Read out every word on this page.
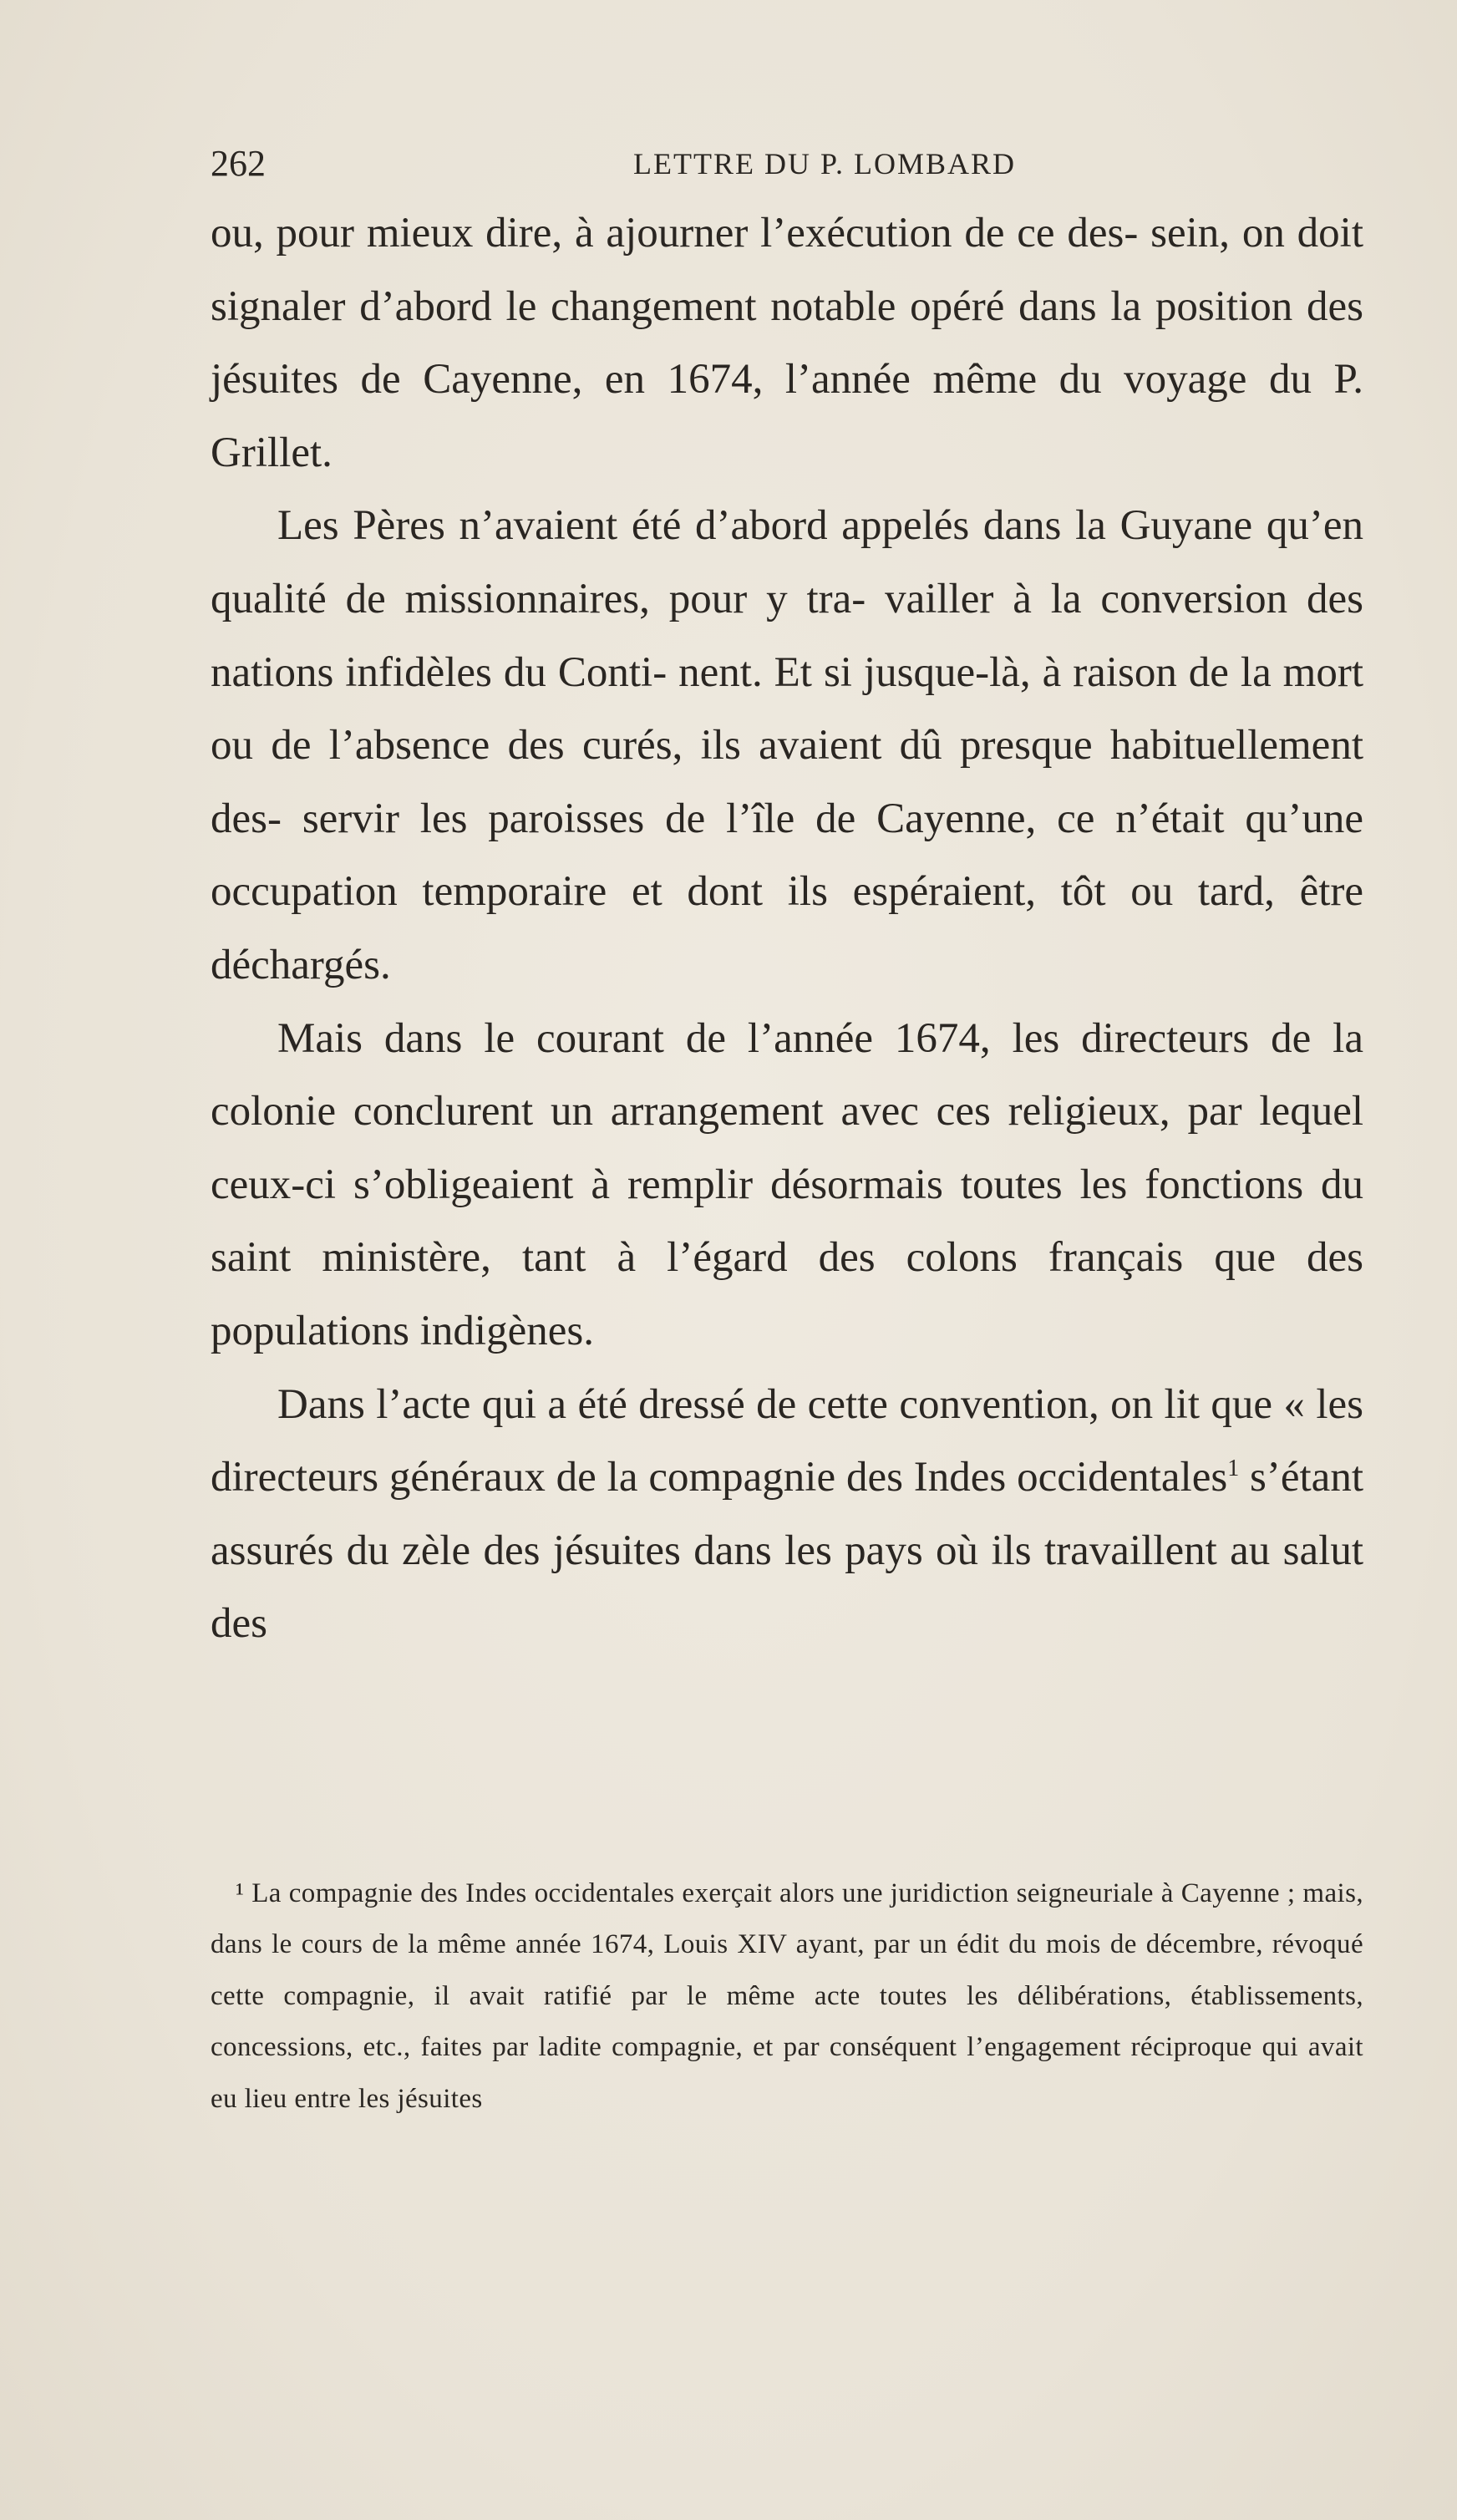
262	LETTRE DU P. LOMBARD

ou, pour mieux dire, à ajourner l’exécution de ce des- sein, on doit signaler d’abord le changement notable opéré dans la position des jésuites de Cayenne, en 1674, l’année même du voyage du P. Grillet.

Les Pères n’avaient été d’abord appelés dans la Guyane qu’en qualité de missionnaires, pour y tra- vailler à la conversion des nations infidèles du Conti- nent. Et si jusque-là, à raison de la mort ou de l’absence des curés, ils avaient dû presque habituellement des- servir les paroisses de l’île de Cayenne, ce n’était qu’une occupation temporaire et dont ils espéraient, tôt ou tard, être déchargés.

Mais dans le courant de l’année 1674, les directeurs de la colonie conclurent un arrangement avec ces religieux, par lequel ceux-ci s’obligeaient à remplir désormais toutes les fonctions du saint ministère, tant à l’égard des colons français que des populations indigènes.

Dans l’acte qui a été dressé de cette convention, on lit que « les directeurs généraux de la compagnie des Indes occidentales$^1$ s’étant assurés du zèle des jésuites dans les pays où ils travaillent au salut des

¹ La compagnie des Indes occidentales exerçait alors une juridiction seigneuriale à Cayenne ; mais, dans le cours de la même année 1674, Louis XIV ayant, par un édit du mois de décembre, révoqué cette compagnie, il avait ratifié par le même acte toutes les délibérations, établissements, concessions, etc., faites par ladite compagnie, et par conséquent l’engagement réciproque qui avait eu lieu entre les jésuites
